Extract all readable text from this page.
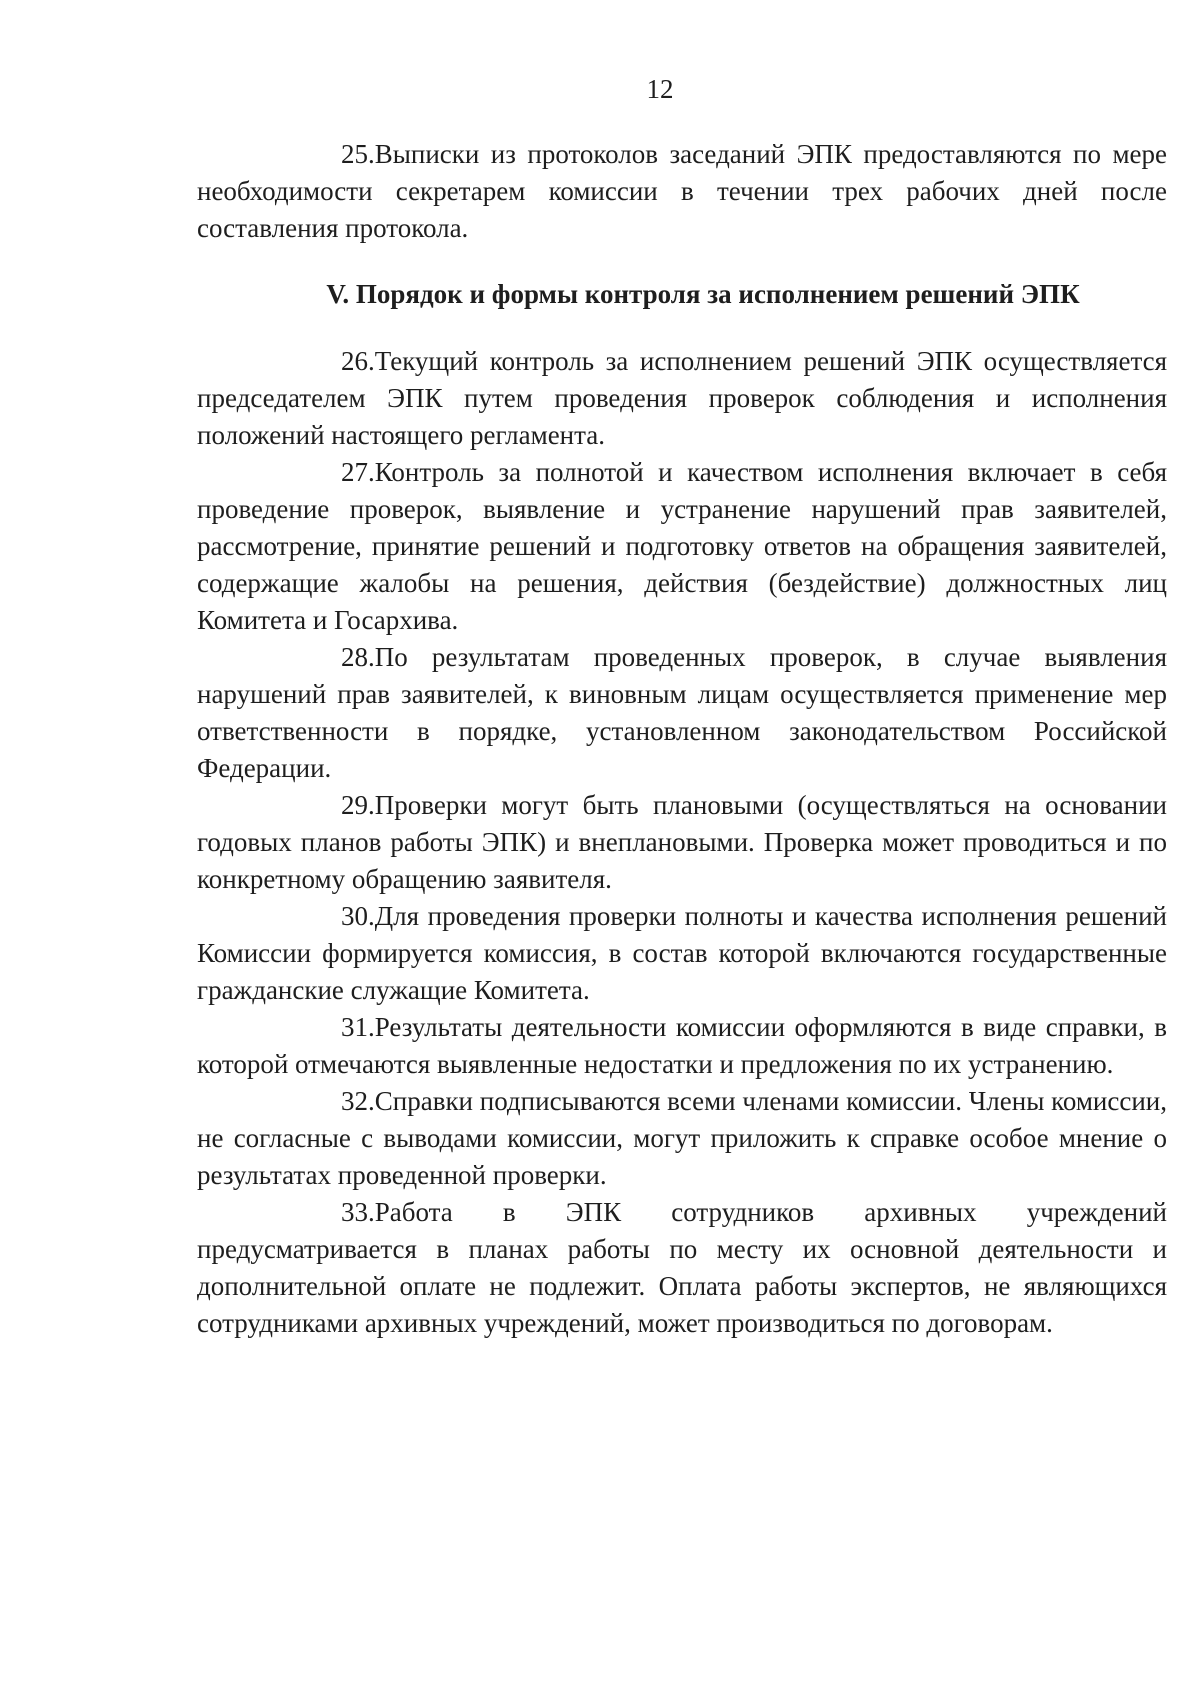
12

25.Выписки из протоколов заседаний ЭПК предоставляются по мере необходимости секретарем комиссии в течении трех рабочих дней после составления протокола.

V. Порядок и формы контроля за исполнением решений ЭПК

26.Текущий контроль за исполнением решений ЭПК осуществляется председателем ЭПК путем проведения проверок соблюдения и исполнения положений настоящего регламента.

27.Контроль за полнотой и качеством исполнения включает в себя проведение проверок, выявление и устранение нарушений прав заявителей, рассмотрение, принятие решений и подготовку ответов на обращения заявителей, содержащие жалобы на решения, действия (бездействие) должностных лиц Комитета и Госархива.

28.По результатам проведенных проверок, в случае выявления нарушений прав заявителей, к виновным лицам осуществляется применение мер ответственности в порядке, установленном законодательством Российской Федерации.

29.Проверки могут быть плановыми (осуществляться на основании годовых планов работы ЭПК) и внеплановыми. Проверка может проводиться и по конкретному обращению заявителя.

30.Для проведения проверки полноты и качества исполнения решений Комиссии формируется комиссия, в состав которой включаются государственные гражданские служащие Комитета.

31.Результаты деятельности комиссии оформляются в виде справки, в которой отмечаются выявленные недостатки и предложения по их устранению.

32.Справки подписываются всеми членами комиссии. Члены комиссии, не согласные с выводами комиссии, могут приложить к справке особое мнение о результатах проведенной проверки.

33.Работа в ЭПК сотрудников архивных учреждений предусматривается в планах работы по месту их основной деятельности и дополнительной оплате не подлежит. Оплата работы экспертов, не являющихся сотрудниками архивных учреждений, может производиться по договорам.
